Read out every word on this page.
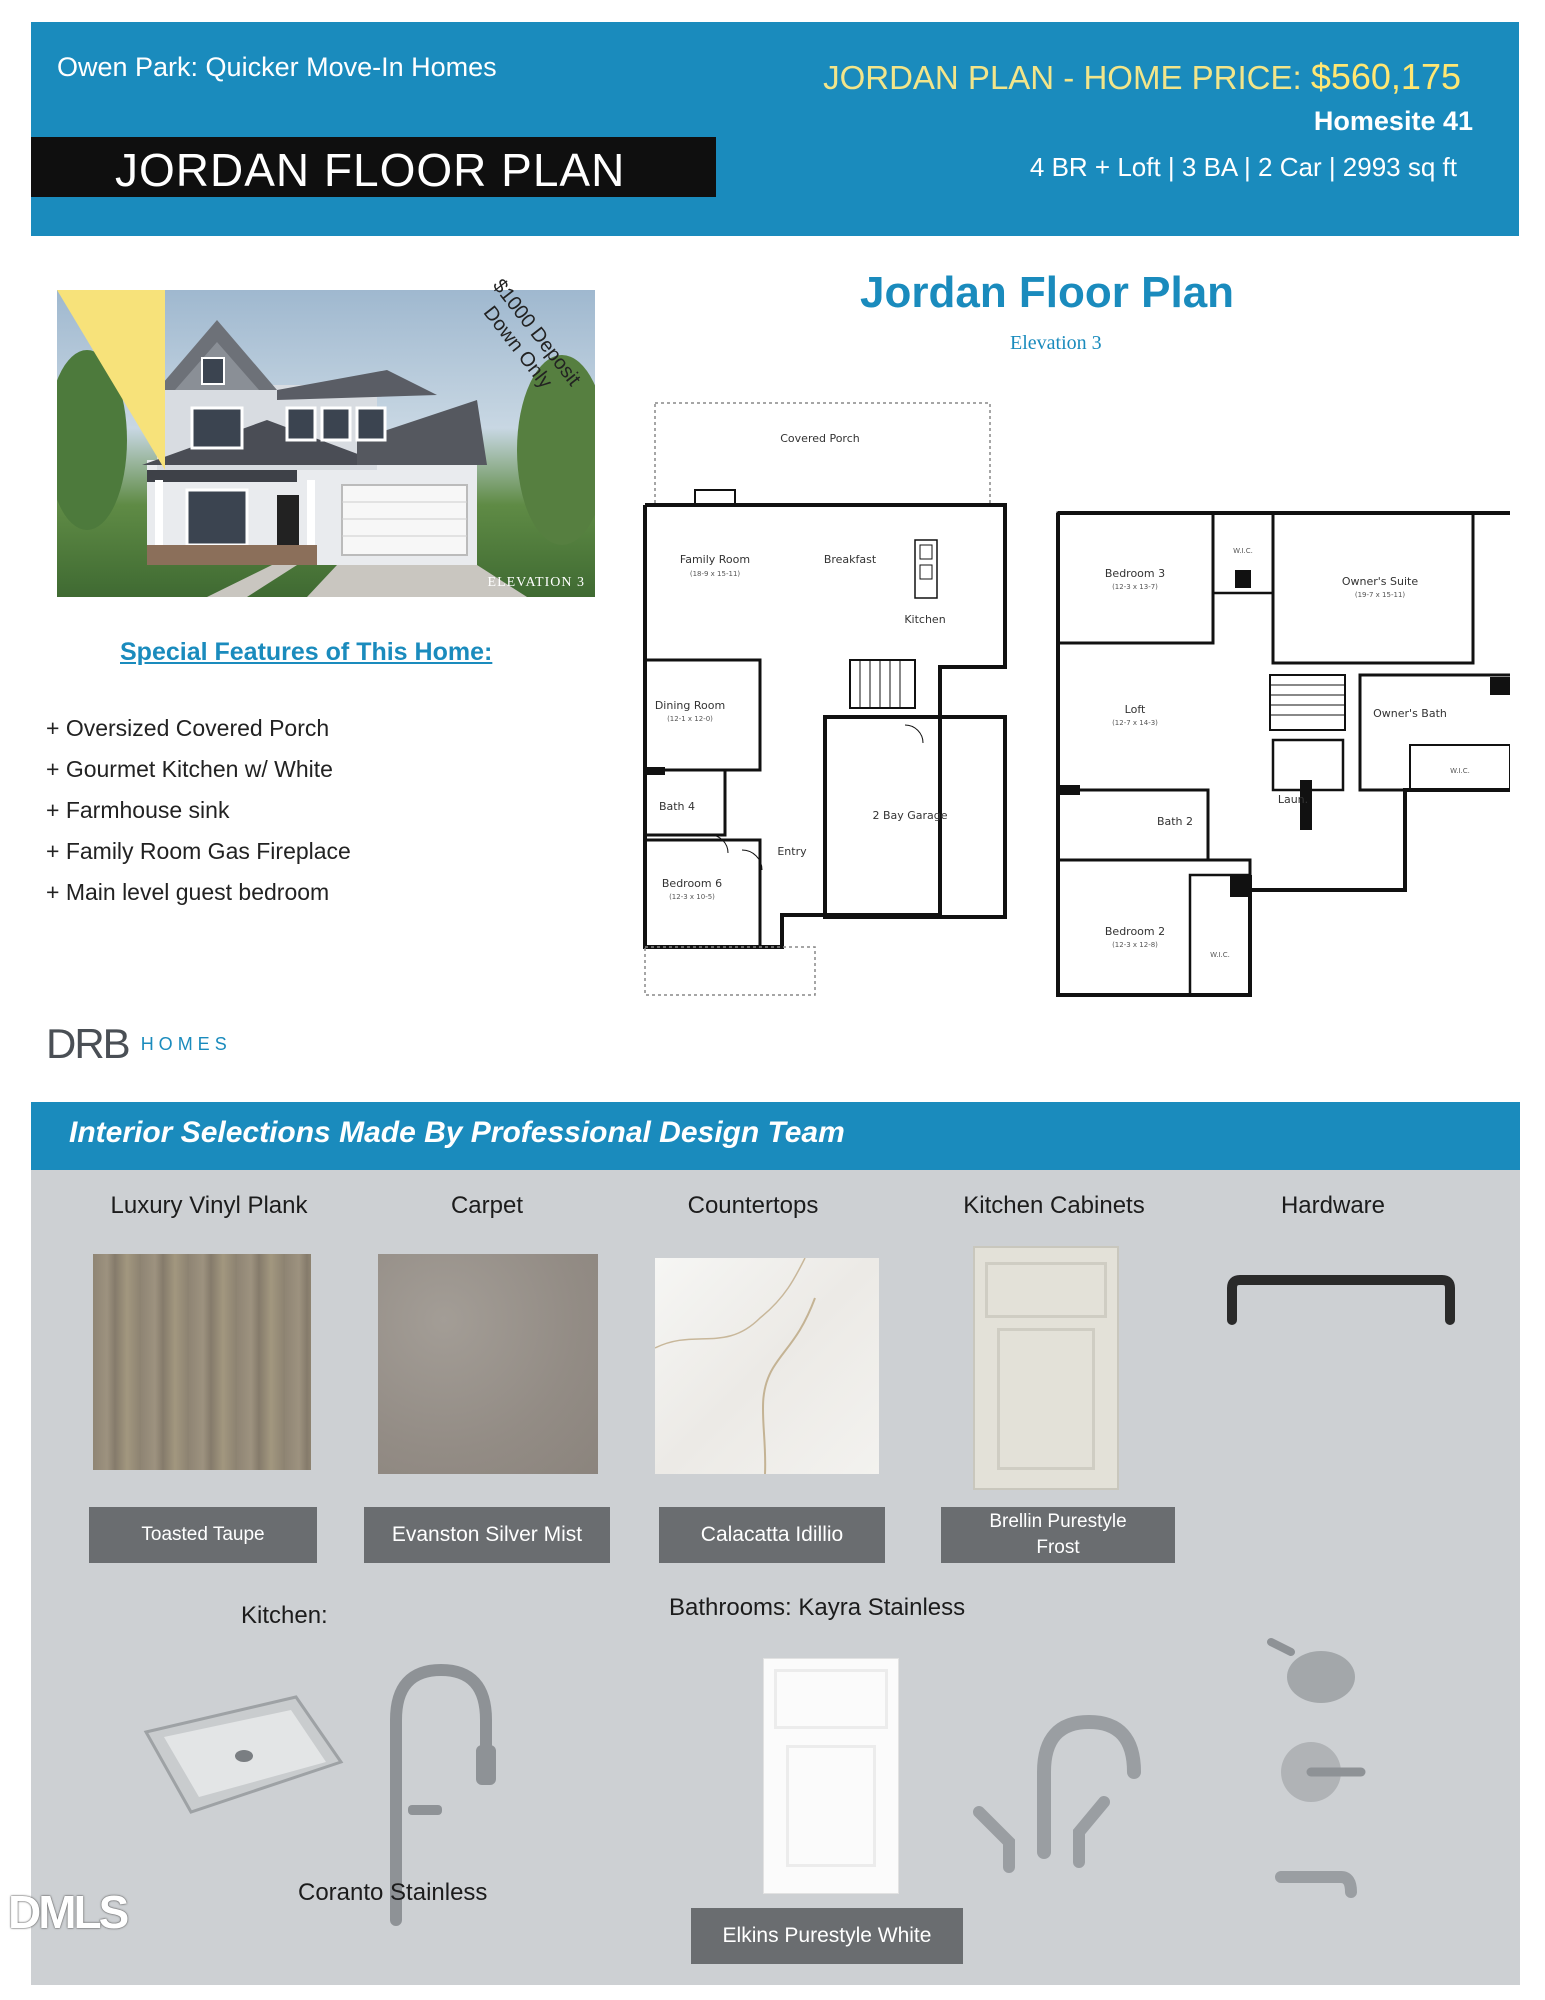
Owen Park: Quicker Move-In Homes
JORDAN FLOOR PLAN
JORDAN PLAN - HOME PRICE: $560,175
Homesite 41
4 BR + Loft | 3 BA | 2 Car | 2993 sq ft
ELEVATION 3
$1000 Deposit Down Only
Special Features of This Home:
+ Oversized Covered Porch
+ Gourmet Kitchen w/ White
+ Farmhouse sink
+ Family Room Gas Fireplace
+ Main level guest bedroom
DRB HOMES
Jordan Floor Plan
Elevation 3
Covered Porch
Family Room
(18-9 x 15-11)
Breakfast
Kitchen
Dining Room
(12-1 x 12-0)
Bath 4
Bedroom 6
(12-3 x 10-5)
Entry
2 Bay Garage
Bedroom 3
(12-3 x 13-7)
W.I.C.
Owner's Suite
(19-7 x 15-11)
Loft
(12-7 x 14-3)
Owner's Bath
Laun.
Bath 2
W.I.C.
Bedroom 2
(12-3 x 12-8)
W.I.C.
Interior Selections Made By Professional Design Team
Luxury Vinyl Plank	Carpet	Countertops	Kitchen Cabinets	Hardware
Toasted Taupe	Evanston Silver Mist	Calacatta Idillio
Brellin Purestyle Frost
Kitchen:
Coranto Stainless
Bathrooms: Kayra Stainless
Elkins Purestyle White
DMLS
